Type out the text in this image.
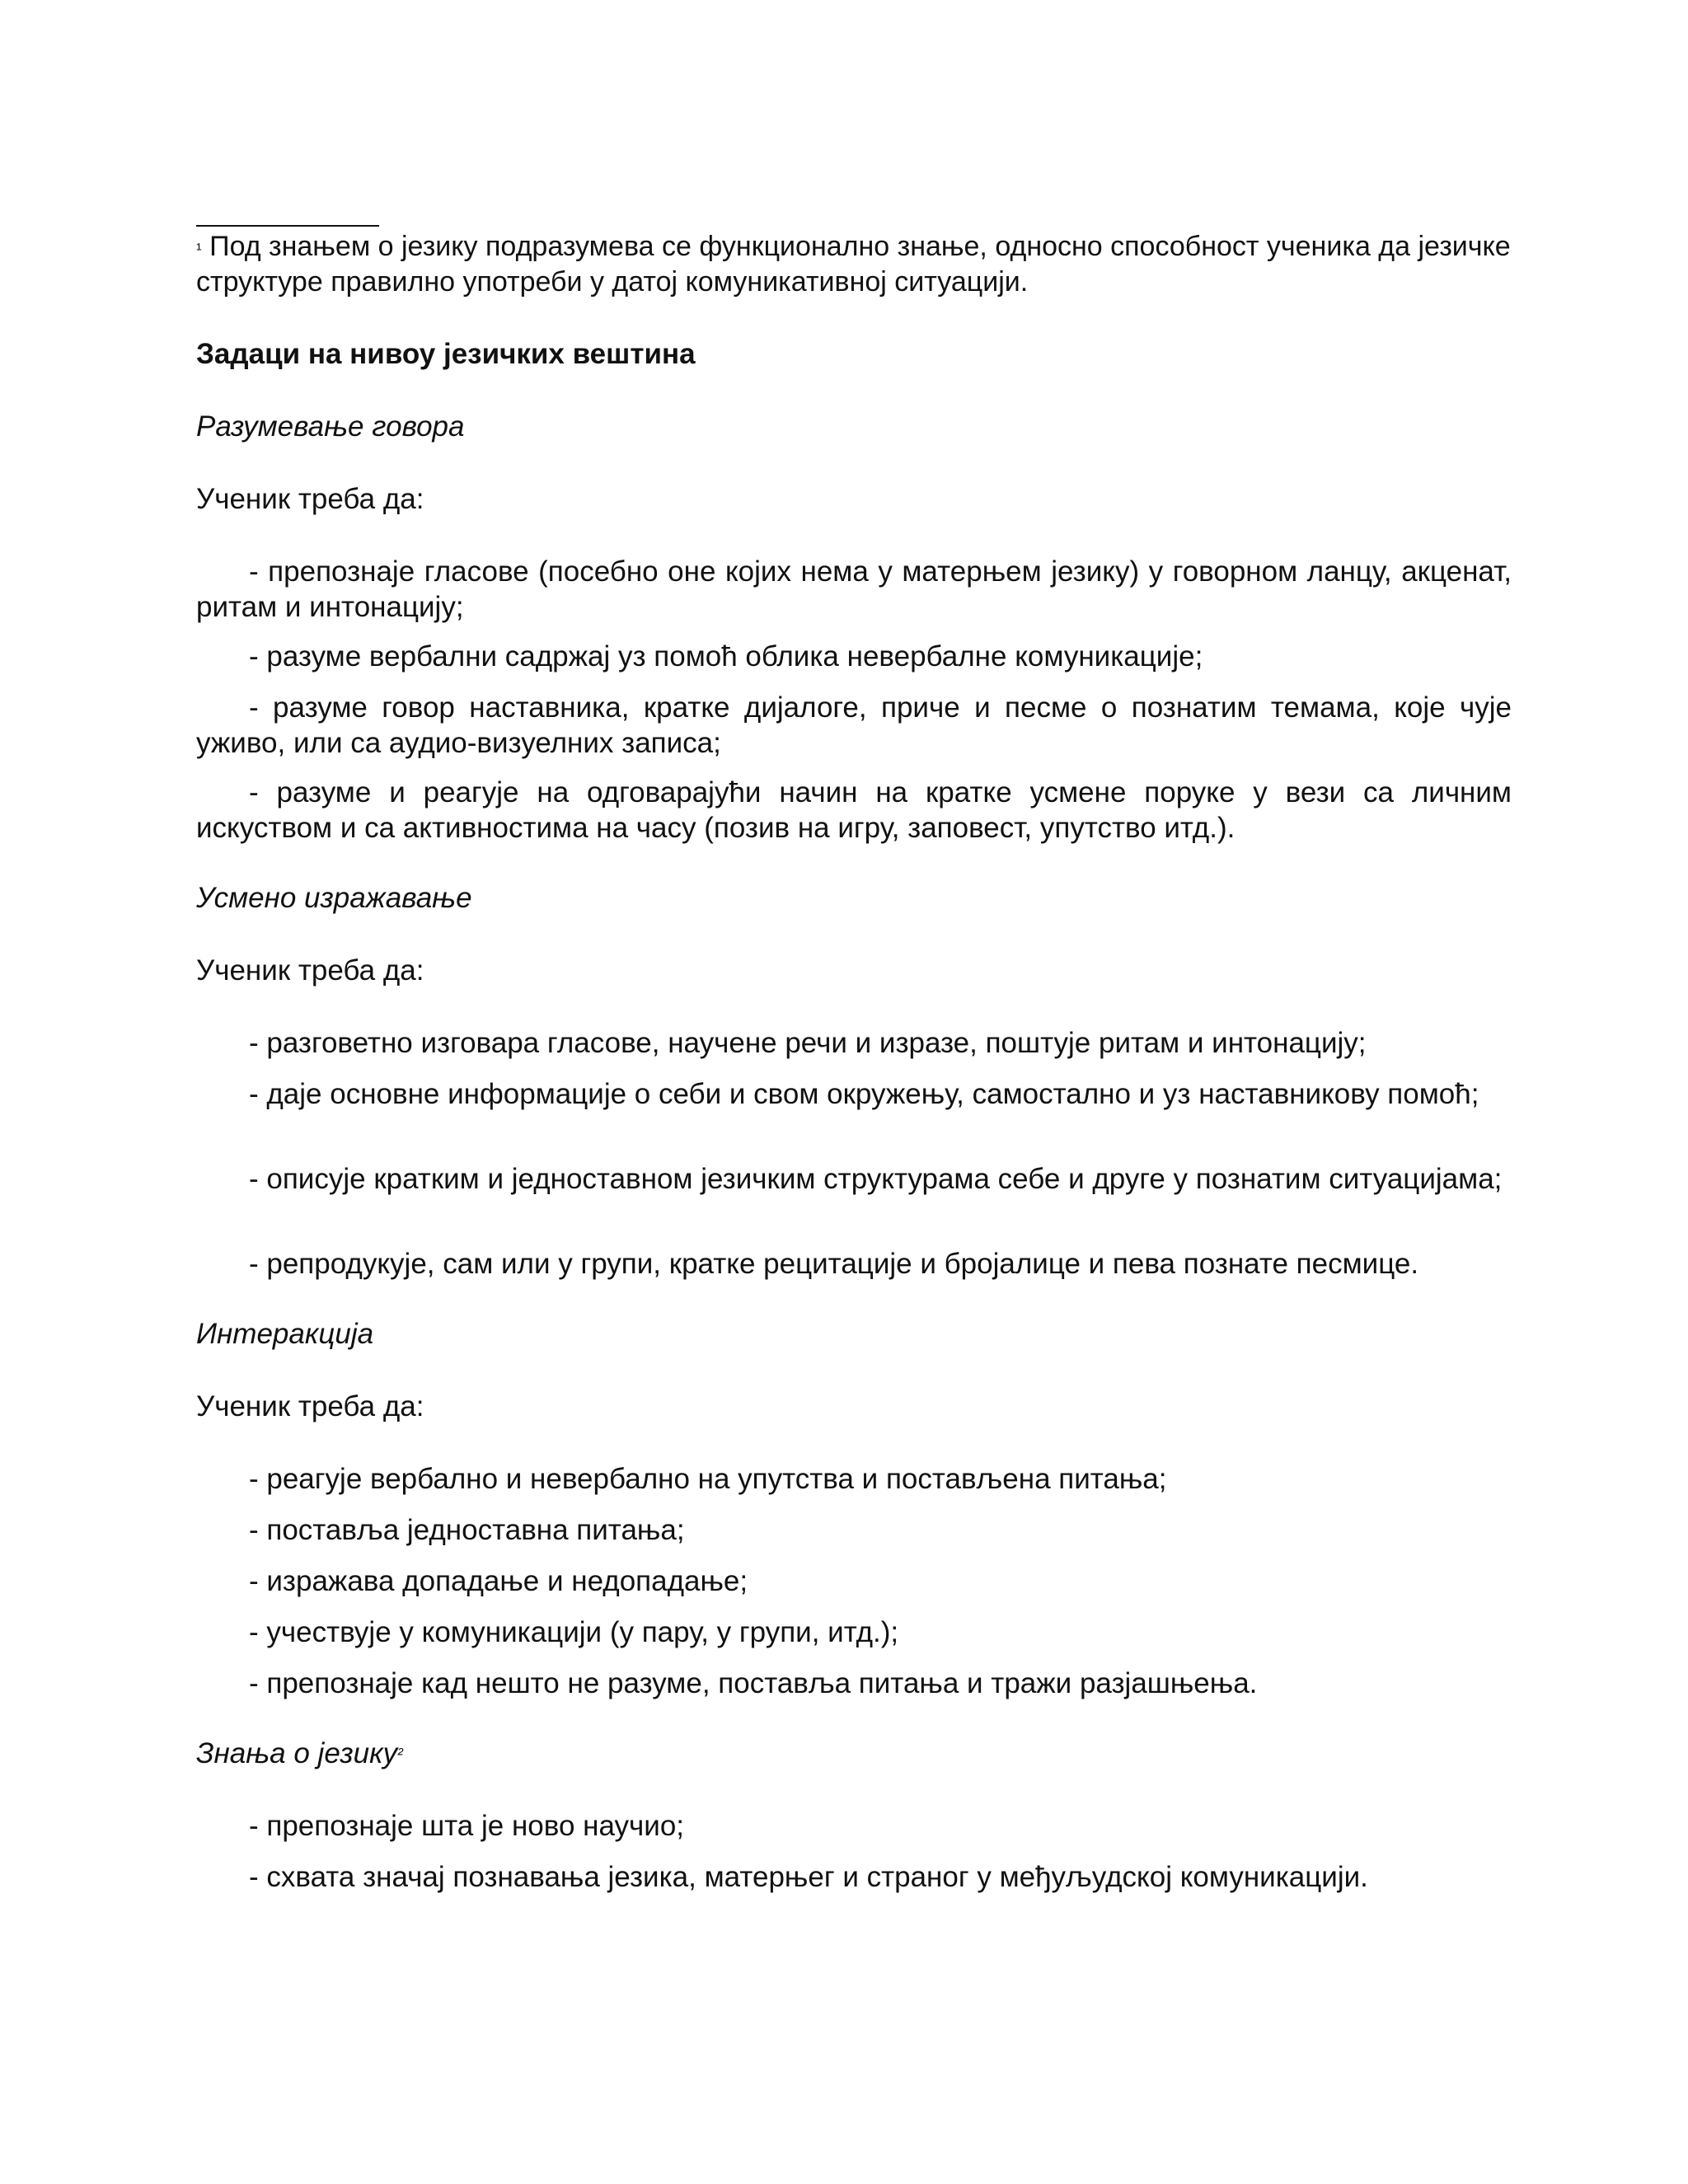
$^{^1}$ Под знањем о језику подразумева се функционално знање, односно способност ученика да језичке структуре правилно употреби у датој комуникативној ситуацији.
Задаци на нивоу језичких вештина
Разумевање говора
Ученик треба да:
- препознаје гласове (посебно оне којих нема у матерњем језику) у говорном ланцу, акценат, ритам и интонацију;
- разуме вербални садржај уз помоћ облика невербалне комуникације;
- разуме говор наставника, кратке дијалоге, приче и песме о познатим темама, које чује уживо, или са аудио-визуелних записа;
- разуме и реагује на одговарајући начин на кратке усмене поруке у вези са личним искуством и са активностима на часу (позив на игру, заповест, упутство итд.).
Усмено изражавање
Ученик треба да:
- разговетно изговара гласове, научене речи и изразе, поштује ритам и интонацију;
- даје основне информације о себи и свом окружењу, самостално и уз наставникову помоћ;
- описује кратким и једноставном језичким структурама себе и друге у познатим ситуацијама;
- репродукује, сам или у групи, кратке рецитације и бројалице и пева познате песмице.
Интеракција
Ученик треба да:
- реагује вербално и невербално на упутства и постављена питања;
- поставља једноставна питања;
- изражава допадање и недопадање;
- учествује у комуникацији (у пару, у групи, итд.);
- препознаје кад нешто не разуме, поставља питања и тражи разјашњења.
Знања о језику$^{^2}$
- препознаје шта је ново научио;
- схвата значај познавања језика, матерњег и страног у међуљудској комуникацији.
